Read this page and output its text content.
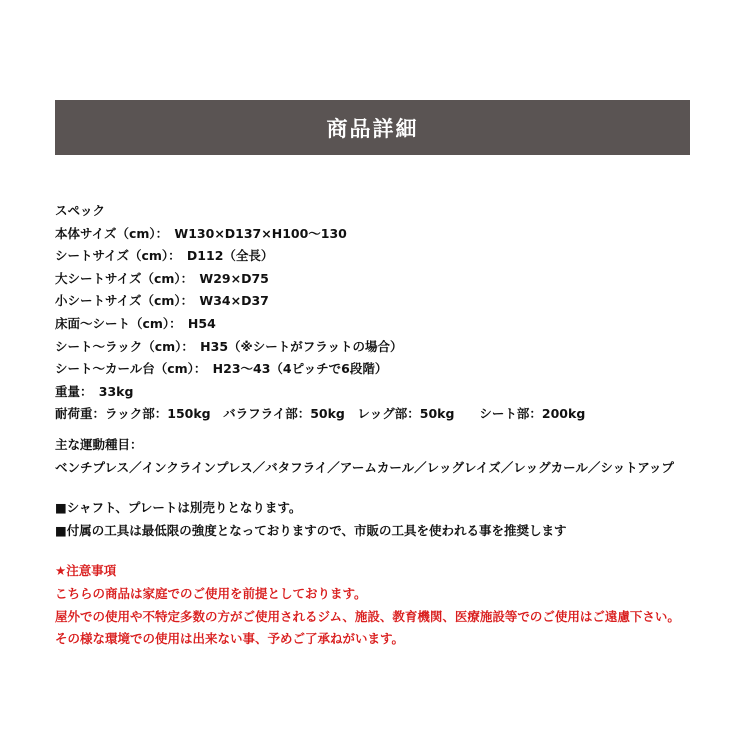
商品詳細
スペック
本体サイズ（cm）：　W130×D137×H100～130
シートサイズ（cm）：　D112（全長）
大シートサイズ（cm）：　W29×D75
小シートサイズ（cm）：　W34×D37
床面～シート（cm）：　H54
シート～ラック（cm）：　H35（※シートがフラットの場合）
シート～カール台（cm）：　H23～43（4ピッチで6段階）
重量：　33kg
耐荷重：ラック部：150kg　バラフライ部：50kg　レッグ部：50kg　　シート部：200kg
主な運動種目：
ベンチプレス／インクラインプレス／バタフライ／アームカール／レッグレイズ／レッグカール／シットアップ
■シャフト、プレートは別売りとなります。
■付属の工具は最低限の強度となっておりますので、市販の工具を使われる事を推奨します
★注意事項
こちらの商品は家庭でのご使用を前提としております。
屋外での使用や不特定多数の方がご使用されるジム、施設、教育機関、医療施設等でのご使用はご遠慮下さい。
その様な環境での使用は出来ない事、予めご了承ねがいます。
